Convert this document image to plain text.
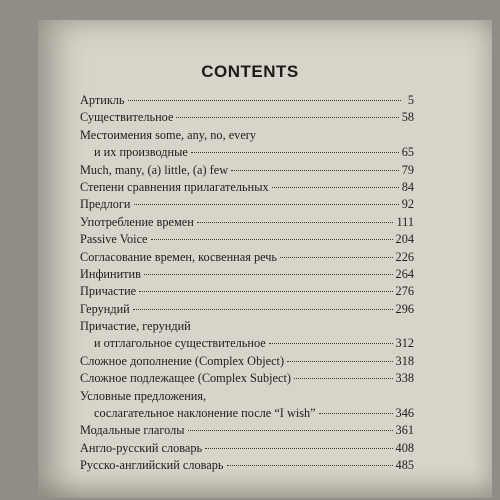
CONTENTS
Артикль	5
Существительное	58
Местоимения some, any, no, every
и их производные	65
Much, many, (a) little, (a) few	79
Степени сравнения прилагательных	84
Предлоги	92
Употребление времен	111
Passive Voice	204
Согласование времен, косвенная речь	226
Инфинитив	264
Причастие	276
Герундий	296
Причастие, герундий
и отглагольное существительное	312
Сложное дополнение (Complex Object)	318
Сложное подлежащее (Complex Subject)	338
Условные предложения,
сослагательное наклонение после “I wish”	346
Модальные глаголы	361
Англо-русский словарь	408
Русско-английский словарь	485
